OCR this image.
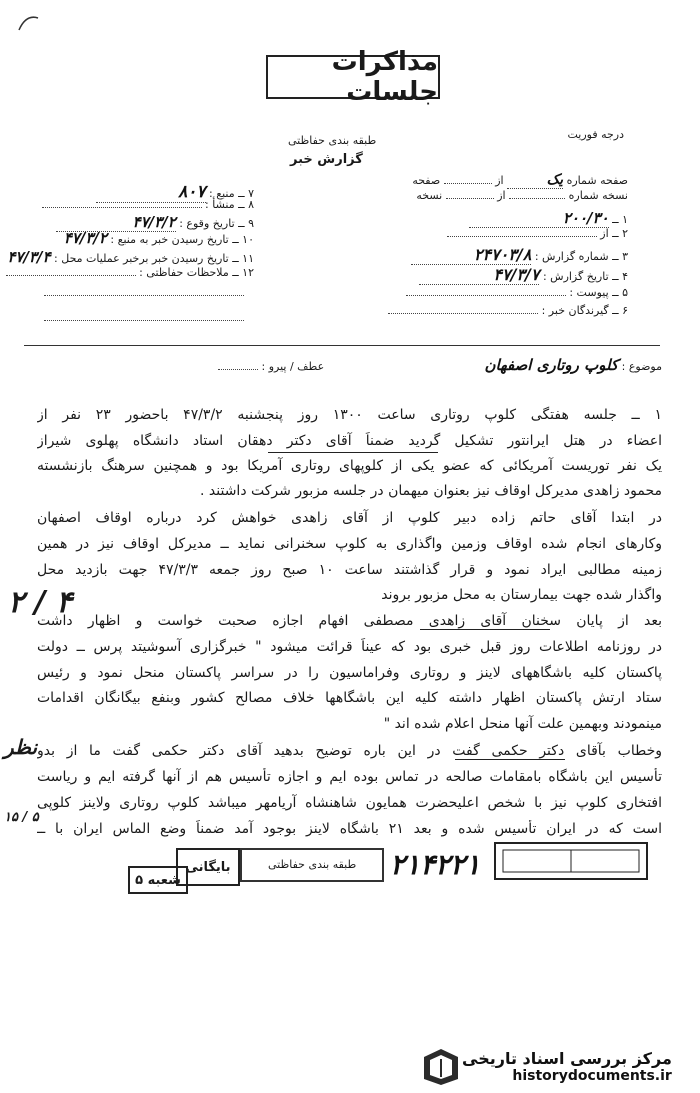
مذاکرات جلسات
طبقه بندی حفاظتی	درجه فوریت
گزارش خبر
۷ ــ منبع : ۸۰۷
۸ ــ منشأ :
۹ ــ تاریخ وقوع : ۴۷/۳/۲
۱۰ ــ تاریخ رسیدن خبر به منبع : ۴۷/۳/۲
۱۱ ــ تاریخ رسیدن خبر برخبر عملیات محل : ۴۷/۳/۴
۱۲ ــ ملاحظات حفاظتی :
صفحه شماره یک از  صفحه
نسخه شماره  از  نسخه
۱ ــ ۲۰۰/۳۰
۲ ــ از
۳ ــ شماره گزارش : ۲۴۷۰۳/۸
۴ ــ تاریخ گزارش : ۴۷/۳/۷
۵ ــ پیوست :
۶ ــ گیرندگان خبر :
موضوع : کلوپ روتاری اصفهان
عطف / پیرو :
۱ ــ جلسه هفتگی کلوپ روتاری ساعت ۱۳۰۰ روز پنجشنبه ۴۷/۳/۲ باحضور ۲۳ نفر از
اعضاء در هتل ایرانتور تشکیل گردید ضمناً آقای دکتر دهقان استاد دانشگاه پهلوی شیراز
یک نفر توریست آمریکائی که عضو یکی از کلوپهای روتاری آمریکا بود و همچنین سرهنگ بازنشسته
محمود زاهدی مدیرکل اوقاف نیز بعنوان میهمان در جلسه مزبور شرکت داشتند .
در ابتدا آقای حاتم زاده دبیر کلوپ از آقای زاهدی خواهش کرد درباره اوقاف اصفهان
وکارهای انجام شده اوقاف وزمین واگذاری به کلوپ سخنرانی نماید ــ مدیرکل اوقاف نیز در همین
زمینه مطالبی ایراد نمود و قرار گذاشتند ساعت ۱۰ صبح روز جمعه ۴۷/۳/۳ جهت بازدید محل
واگذار شده جهت بیمارستان به محل مزبور بروند
بعد از پایان سخنان آقای زاهدی مصطفی افهام اجازه صحبت خواست و اظهار داشت
در روزنامه اطلاعات روز قبل خبری بود که عیناً قرائت میشود " خبرگزاری آسوشیتد پرس ــ دولت
پاکستان کلیه باشگاههای لاینز و روتاری وفراماسیون را در سراسر پاکستان منحل نمود و رئیس
ستاد ارتش پاکستان اظهار داشته کلیه این باشگاهها خلاف مصالح کشور وبنفع بیگانگان اقدامات
مینمودند وبهمین علت آنها منحل اعلام شده اند "
وخطاب بآقای دکتر حکمی گفت در این باره توضیح بدهید آقای دکتر حکمی گفت ما از بدو
تأسیس این باشگاه بامقامات صالحه در تماس بوده ایم و اجازه تأسیس هم از آنها گرفته ایم و ریاست
افتخاری کلوپ نیز با شخص اعلیحضرت همایون شاهنشاه آریامهر میباشد کلوپ روتاری ولاینز کلوپی
است که در ایران تأسیس شده و بعد ۲۱ باشگاه لاینز بوجود آمد ضمناً وضع الماس ایران با ــ
۲ / ۴
نظر
۵ / ۱۵
طبقه بندی حفاظتی
بایگانی
شعبه ۵	۲۱۴۲۲۱
مرکز بررسی اسناد تاریخی
historydocuments.ir
